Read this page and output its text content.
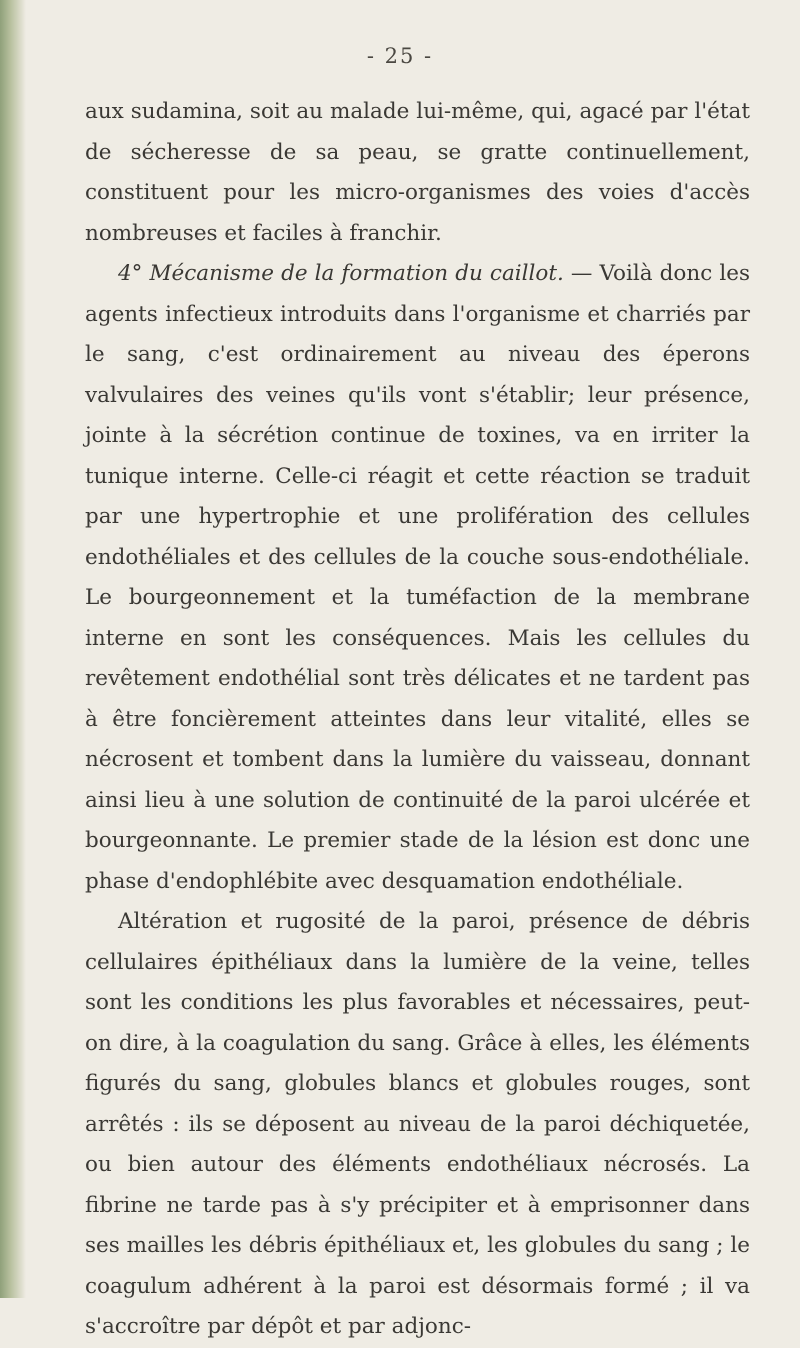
- 25 -

aux sudamina, soit au malade lui-même, qui, agacé par l'état de sécheresse de sa peau, se gratte continuellement, constituent pour les micro-organismes des voies d'accès nombreuses et faciles à franchir.

4° Mécanisme de la formation du caillot. — Voilà donc les agents infectieux introduits dans l'organisme et charriés par le sang, c'est ordinairement au niveau des éperons valvulaires des veines qu'ils vont s'établir; leur présence, jointe à la sécrétion continue de toxines, va en irriter la tunique interne. Celle-ci réagit et cette réaction se traduit par une hypertrophie et une prolifération des cellules endothéliales et des cellules de la couche sous-endothéliale. Le bourgeonnement et la tuméfaction de la membrane interne en sont les conséquences. Mais les cellules du revêtement endothélial sont très délicates et ne tardent pas à être foncièrement atteintes dans leur vitalité, elles se nécrosent et tombent dans la lumière du vaisseau, donnant ainsi lieu à une solution de continuité de la paroi ulcérée et bourgeonnante. Le premier stade de la lésion est donc une phase d'endophlébite avec desquamation endothéliale.

Altération et rugosité de la paroi, présence de débris cellulaires épithéliaux dans la lumière de la veine, telles sont les conditions les plus favorables et nécessaires, peut-on dire, à la coagulation du sang. Grâce à elles, les éléments figurés du sang, globules blancs et globules rouges, sont arrêtés : ils se déposent au niveau de la paroi déchiquetée, ou bien autour des éléments endothéliaux nécrosés. La fibrine ne tarde pas à s'y précipiter et à emprisonner dans ses mailles les débris épithéliaux et, les globules du sang ; le coagulum adhérent à la paroi est désormais formé ; il va s'accroître par dépôt et par adjonc-
